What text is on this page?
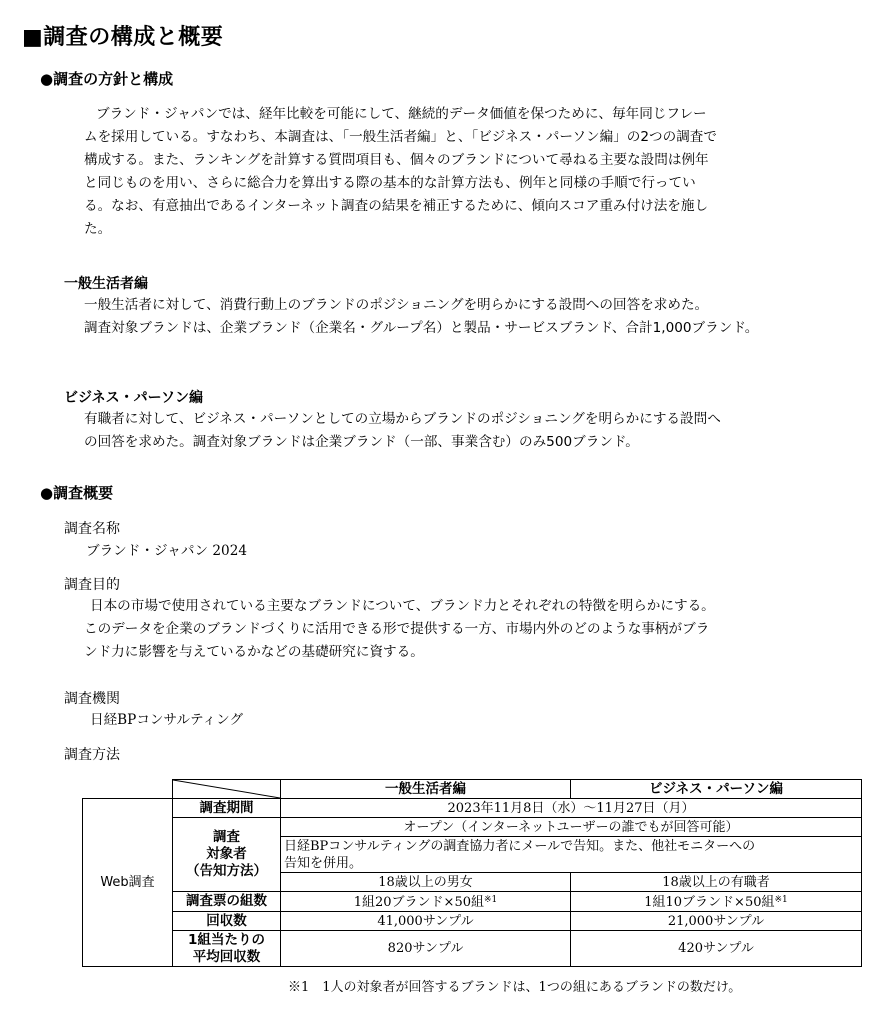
■調査の構成と概要
●調査の方針と構成
ブランド・ジャパンでは、経年比較を可能にして、継続的データ価値を保つために、毎年同じフレー
ムを採用している。すなわち、本調査は、「一般生活者編」と、「ビジネス・パーソン編」の2つの調査で
構成する。また、ランキングを計算する質問項目も、個々のブランドについて尋ねる主要な設問は例年
と同じものを用い、さらに総合力を算出する際の基本的な計算方法も、例年と同様の手順で行ってい
る。なお、有意抽出であるインターネット調査の結果を補正するために、傾向スコア重み付け法を施し
た。
一般生活者編
一般生活者に対して、消費行動上のブランドのポジショニングを明らかにする設問への回答を求めた。
調査対象ブランドは、企業ブランド（企業名・グループ名）と製品・サービスブランド、合計1,000ブランド。
ビジネス・パーソン編
有職者に対して、ビジネス・パーソンとしての立場からブランドのポジショニングを明らかにする設問へ
の回答を求めた。調査対象ブランドは企業ブランド（一部、事業含む）のみ500ブランド。
●調査概要
調査名称
ブランド・ジャパン 2024
調査目的
日本の市場で使用されている主要なブランドについて、ブランド力とそれぞれの特徴を明らかにする。
このデータを企業のブランドづくりに活用できる形で提供する一方、市場内外のどのような事柄がブラ
ンド力に影響を与えているかなどの基礎研究に資する。
調査機関
日経BPコンサルティング
調査方法

	一般生活者編	ビジネス・パーソン編
Web調査	調査期間	2023年11月8日（水）～11月27日（月）	

	調査
対象者
（告知方法）	オープン（インターネットユーザーの誰でもが回答可能）	

		日経BPコンサルティングの調査協力者にメールで告知。また、他社モニターへの
告知を併用。	

		18歳以上の男女	18歳以上の有職者
	調査票の組数	1組20ブランド×50組$^{※1}$	1組10ブランド×50組$^{※1}$
	回収数	41,000サンプル	21,000サンプル

	1組当たりの
平均回収数	820サンプル	420サンプル
※1　1人の対象者が回答するブランドは、1つの組にあるブランドの数だけ。
